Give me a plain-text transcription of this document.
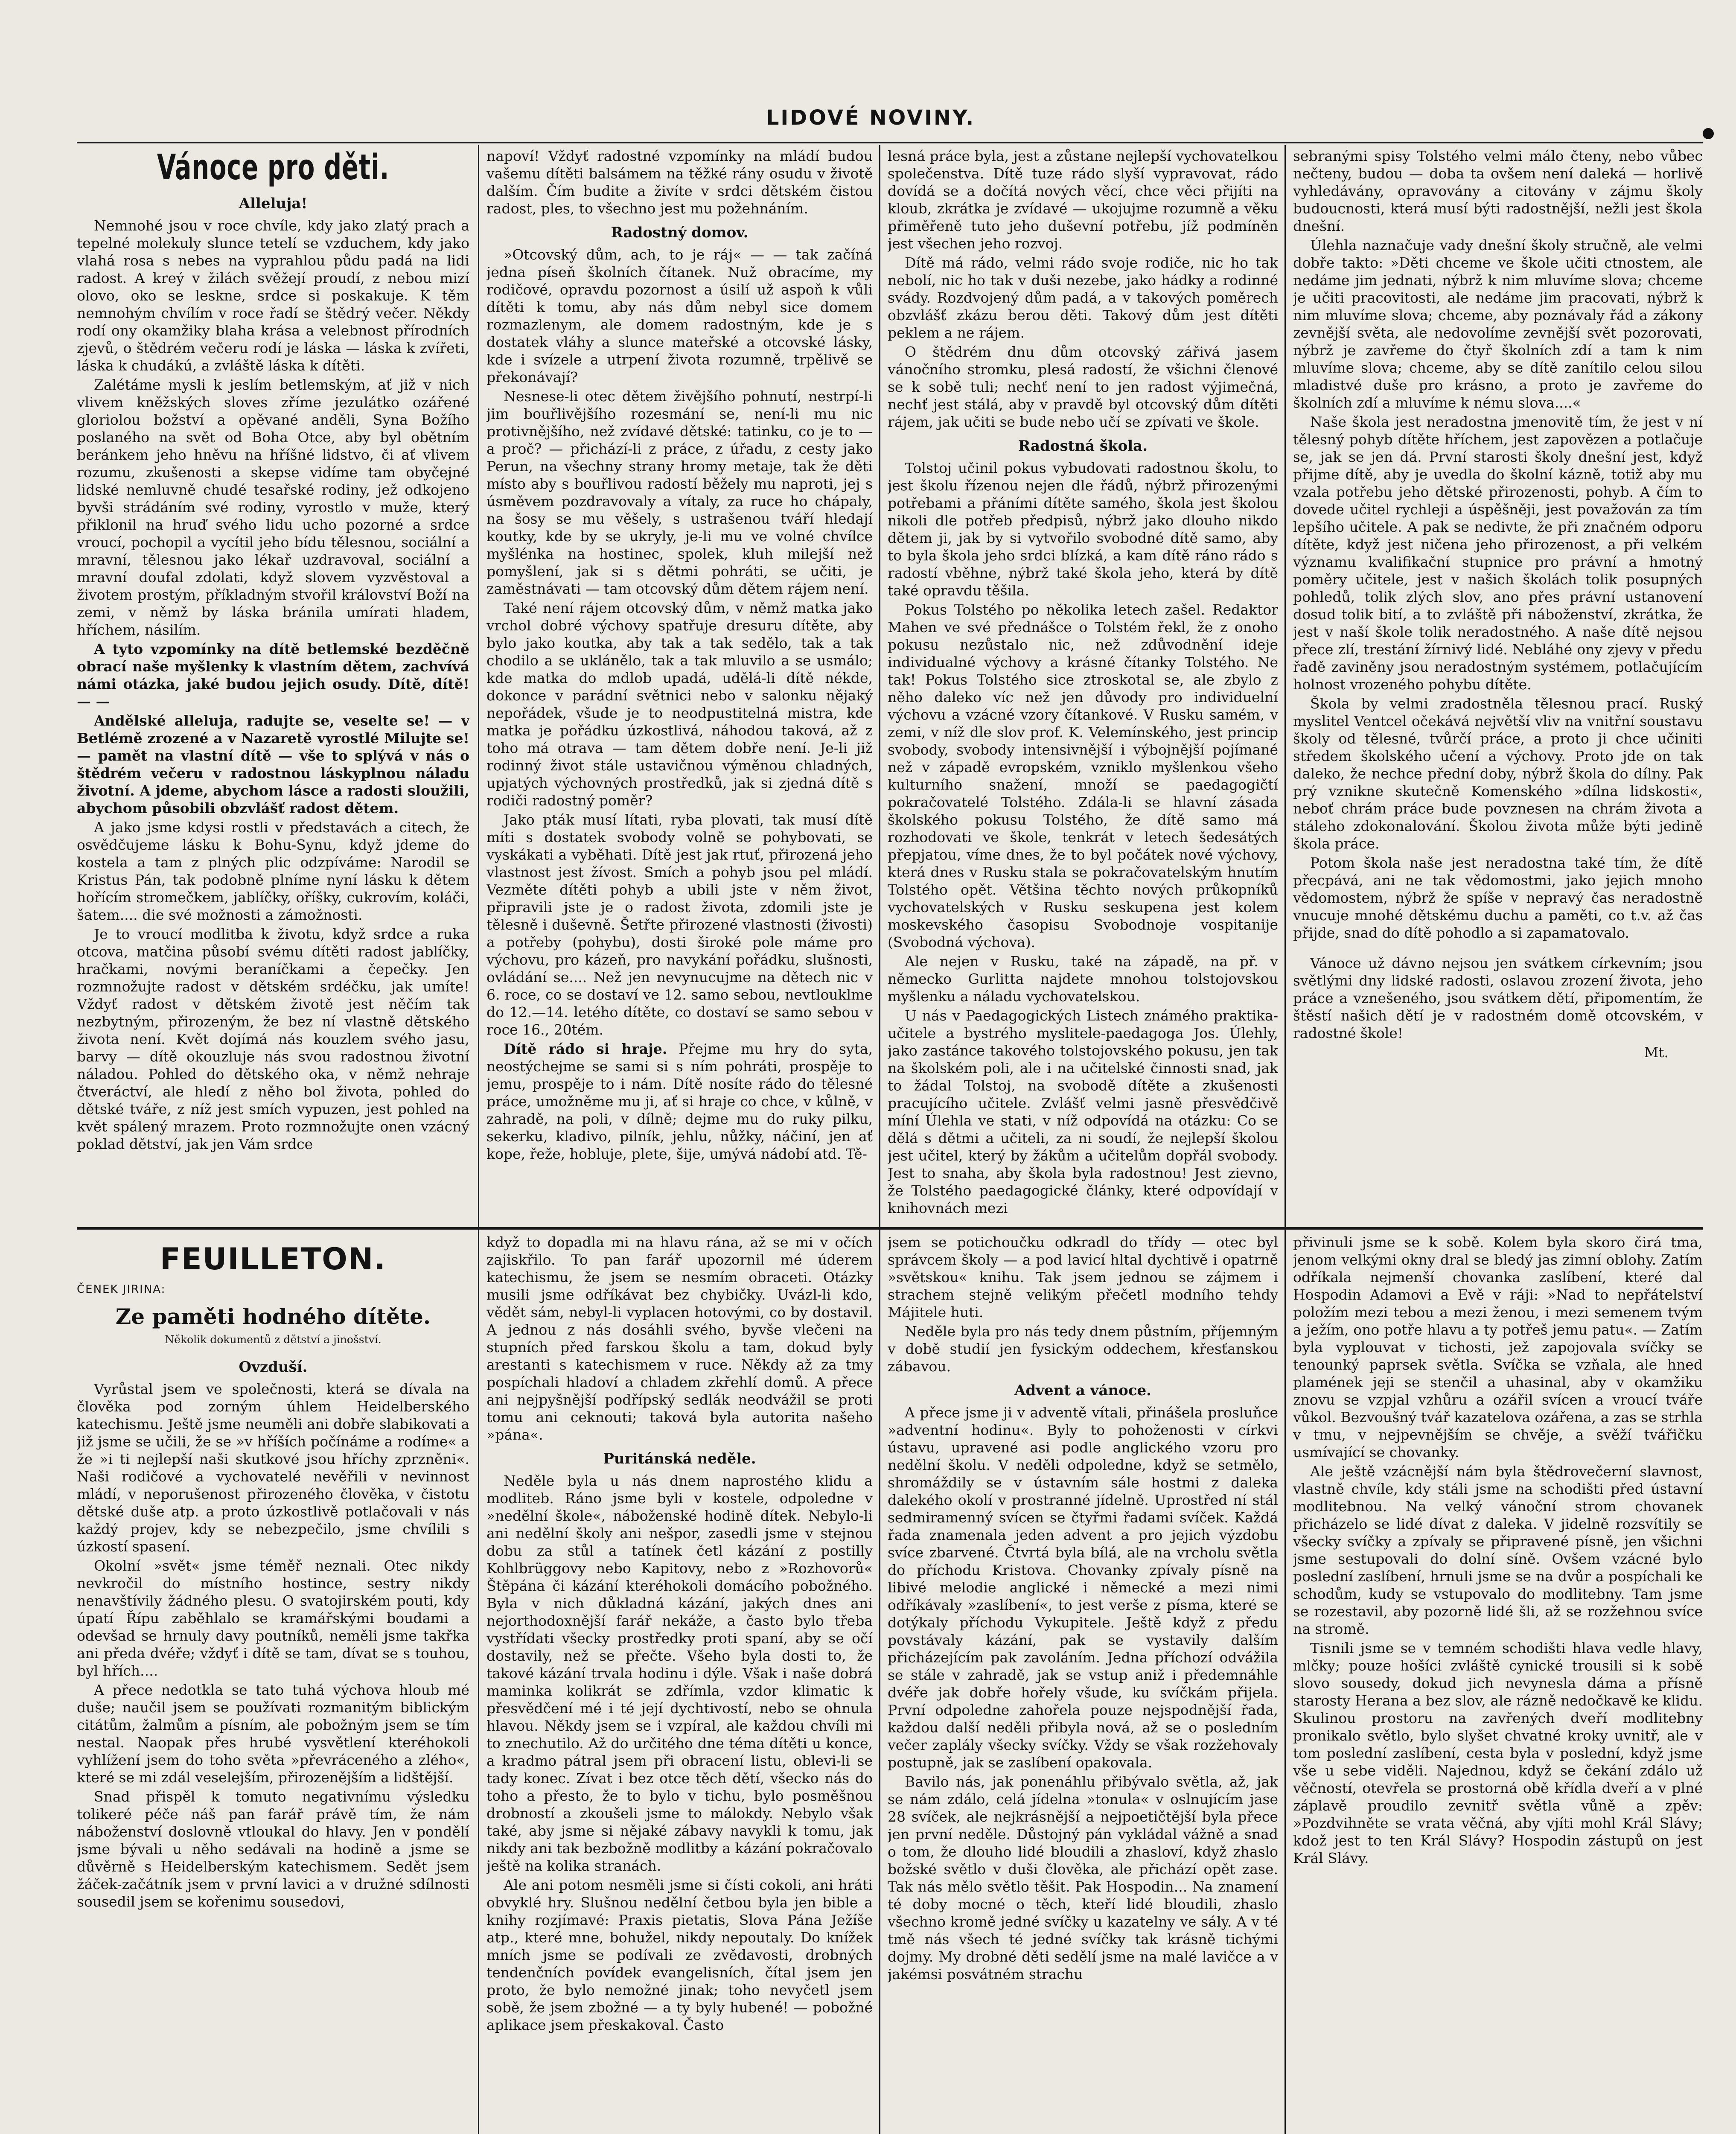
LIDOVÉ NOVINY.
Vánoce pro děti.
Alleluja!

Nemnohé jsou v roce chvíle, kdy jako zlatý prach a tepelné molekuly slunce tetelí se vzduchem, kdy jako vlahá rosa s nebes na vyprahlou půdu padá na lidi radost. A kreý v žilách svěžejí proudí, z nebou mizí olovo, oko se leskne, srdce si poskakuje. K těm nemnohým chvílím v roce řadí se štědrý večer. Někdy rodí ony okamžiky blaha krása a velebnost přírodních zjevů, o štědrém večeru rodí je láska — láska k zvířeti, láska k chudákú, a zvláště láska k dítěti.

Zalétáme mysli k jeslím betlemským, ať již v nich vlivem kněžských sloves zříme jezulátko ozářené gloriolou božství a opěvané anděli, Syna Božího poslaného na svět od Boha Otce, aby byl obětním beránkem jeho hněvu na hříšné lidstvo, či ať vlivem rozumu, zkušenosti a skepse vidíme tam obyčejné lidské nemluvně chudé tesařské rodiny, jež odkojeno byvši strádáním své rodiny, vyrostlo v muže, který přiklonil na hruď svého lidu ucho pozorné a srdce vroucí, pochopil a vycítil jeho bídu tělesnou, sociální a mravní, tělesnou jako lékař uzdravoval, sociální a mravní doufal zdolati, když slovem vyzvěstoval a životem prostým, příkladným stvořil království Boží na zemi, v němž by láska bránila umírati hladem, hříchem, násilím.

A tyto vzpomínky na dítě betlemské bezděčně obrací naše myšlenky k vlastním dětem, zachvívá námi otázka, jaké budou jejich osudy. Dítě, dítě! — —

Andělské alleluja, radujte se, veselte se! — v Betlémě zrozené a v Nazaretě vyrostlé Milujte se! — pamět na vlastní dítě — vše to splývá v nás o štědrém večeru v radostnou láskyplnou náladu životní. A jdeme, abychom lásce a radosti sloužili, abychom působili obzvlášť radost dětem.

A jako jsme kdysi rostli v představách a citech, že osvědčujeme lásku k Bohu-Synu, když jdeme do kostela a tam z plných plic odzpíváme: Narodil se Kristus Pán, tak podobně plníme nyní lásku k dětem hořícím stromečkem, jablíčky, oříšky, cukrovím, koláči, šatem.... die své možnosti a zámožnosti.

Je to vroucí modlitba k životu, když srdce a ruka otcova, matčina působí svému dítěti radost jablíčky, hračkami, novými beraníčkami a čepečky. Jen rozmnožujte radost v dětském srdéčku, jak umíte! Vždyť radost v dětském životě jest něčím tak nezbytným, přirozeným, že bez ní vlastně dětského života není. Květ dojímá nás kouzlem svého jasu, barvy — dítě okouzluje nás svou radostnou životní náladou. Pohled do dětského oka, v němž nehraje čtveráctví, ale hledí z něho bol života, pohled do dětské tváře, z níž jest smích vypuzen, jest pohled na květ spálený mrazem. Proto rozmnožujte onen vzácný poklad dětství, jak jen Vám srdce

napoví! Vždyť radostné vzpomínky na mládí budou vašemu dítěti balsámem na těžké rány osudu v životě dalším. Čím budite a živíte v srdci dětském čistou radost, ples, to všechno jest mu požehnáním.

Radostný domov.

»Otcovský dům, ach, to je ráj« — — tak začíná jedna píseň školních čítanek. Nuž obracíme, my rodičové, opravdu pozornost a úsilí už aspoň k vůli dítěti k tomu, aby nás dům nebyl sice domem rozmazlenym, ale domem radostným, kde je s dostatek vláhy a slunce mateřské a otcovské lásky, kde i svízele a utrpení života rozumně, trpělivě se překonávají?

Nesnese-li otec dětem živějšího pohnutí, nestrpí-li jim bouřlivějšího rozesmání se, není-li mu nic protivnějšího, než zvídavé dětské: tatinku, co je to — a proč? — přichází-li z práce, z úřadu, z cesty jako Perun, na všechny strany hromy metaje, tak že děti místo aby s bouřlivou radostí běžely mu naproti, jej s úsměvem pozdravovaly a vítaly, za ruce ho chápaly, na šosy se mu věšely, s ustrašenou tváří hledají koutky, kde by se ukryly, je-li mu ve volné chvílce myšlénka na hostinec, spolek, kluh milejší než pomyšlení, jak si s dětmi pohráti, se učiti, je zaměstnávati — tam otcovský dům dětem rájem není.

Také není rájem otcovský dům, v němž matka jako vrchol dobré výchovy spatřuje dresuru dítěte, aby bylo jako koutka, aby tak a tak sedělo, tak a tak chodilo a se uklánělo, tak a tak mluvilo a se usmálo; kde matka do mdlob upadá, udělá-li dítě nékde, dokonce v parádní světnici nebo v salonku nějaký nepořádek, všude je to neodpustitelná mistra, kde matka je pořádku úzkostlivá, náhodou taková, až z toho má otrava — tam dětem dobře není. Je-li již rodinný život stále ustavičnou výměnou chladných, upjatých výchovných prostředků, jak si zjedná dítě s rodiči radostný poměr?

Jako pták musí lítati, ryba plovati, tak musí dítě míti s dostatek svobody volně se pohybovati, se vyskákati a vyběhati. Dítě jest jak rtuť, přirozená jeho vlastnost jest žívost. Smích a pohyb jsou pel mládí. Vezměte dítěti pohyb a ubili jste v něm život, připravili jste je o radost života, zdomili jste je tělesně i duševně. Šetřte přirozené vlastnosti (živosti) a potřeby (pohybu), dosti široké pole máme pro výchovu, pro kázeň, pro navykání pořádku, slušnosti, ovládání se.... Než jen nevynucujme na dětech nic v 6. roce, co se dostaví ve 12. samo sebou, nevtlouklme do 12.—14. letého dítěte, co dostaví se samo sebou v roce 16., 20tém.

Dítě rádo si hraje. Přejme mu hry do syta, neostýchejme se sami si s ním pohráti, prospěje to jemu, prospěje to i nám. Dítě nosíte rádo do tělesné práce, umožněme mu ji, ať si hraje co chce, v kůlně, v zahradě, na poli, v dílně; dejme mu do ruky pilku, sekerku, kladivo, pilník, jehlu, nůžky, náčiní, jen ať kope, řeže, hobluje, plete, šije, umývá nádobí atd. Tě-

lesná práce byla, jest a zůstane nejlepší vychovatelkou společenstva. Dítě tuze rádo slyší vypravovat, rádo dovídá se a dočítá nových věcí, chce věci přijíti na kloub, zkrátka je zvídavé — ukojujme rozumně a věku přiměřeně tuto jeho duševní potřebu, jíž podmíněn jest všechen jeho rozvoj.

Dítě má rádo, velmi rádo svoje rodiče, nic ho tak nebolí, nic ho tak v duši nezebe, jako hádky a rodinné svády. Rozdvojený dům padá, a v takových poměrech obzvlášť zkázu berou děti. Takový dům jest dítěti peklem a ne rájem.

O štědrém dnu dům otcovský zářivá jasem vánočního stromku, plesá radostí, že všichni členové se k sobě tuli; nechť není to jen radost výjimečná, nechť jest stálá, aby v pravdě byl otcovský dům dítěti rájem, jak učiti se bude nebo učí se zpívati ve škole.

Radostná škola.

Tolstoj učinil pokus vybudovati radostnou školu, to jest školu řízenou nejen dle řádů, nýbrž přirozenými potřebami a přáními dítěte samého, škola jest školou nikoli dle potřeb předpisů, nýbrž jako dlouho nikdo dětem ji, jak by si vytvořilo svobodné dítě samo, aby to byla škola jeho srdci blízká, a kam dítě ráno rádo s radostí vběhne, nýbrž také škola jeho, která by dítě také opravdu těšila.

Pokus Tolstého po několika letech zašel. Redaktor Mahen ve své přednášce o Tolstém řekl, že z onoho pokusu nezůstalo nic, než zdůvodnění ideje individualné výchovy a krásné čítanky Tolstého. Ne tak! Pokus Tolstého sice ztroskotal se, ale zbylo z něho daleko víc než jen důvody pro individuelní výchovu a vzácné vzory čítankové. V Rusku samém, v zemi, v níž dle slov prof. K. Velemínského, jest princip svobody, svobody intensivnější i výbojnější pojímané než v západě evropském, vzniklo myšlenkou všeho kulturního snažení, množí se paedagogičtí pokračovatelé Tolstého. Zdála-li se hlavní zásada školského pokusu Tolstého, že dítě samo má rozhodovati ve škole, tenkrát v letech šedesátých přepjatou, víme dnes, že to byl počátek nové výchovy, která dnes v Rusku stala se pokračovatelským hnutím Tolstého opět. Většina těchto nových průkopníků vychovatelských v Rusku seskupena jest kolem moskevského časopisu Svobodnoje vospitanije (Svobodná výchova).

Ale nejen v Rusku, také na západě, na př. v německo Gurlitta najdete mnohou tolstojovskou myšlenku a náladu vychovatelskou.

U nás v Paedagogických Listech známého praktika-učitele a bystrého myslitele-paedagoga Jos. Úlehly, jako zastánce takového tolstojovského pokusu, jen tak na školském poli, ale i na učitelské činnosti snad, jak to žádal Tolstoj, na svobodě dítěte a zkušenosti pracujícího učitele. Zvlášť velmi jasně přesvědčivě míní Úlehla ve stati, v níž odpovídá na otázku: Co se dělá s dětmi a učiteli, za ni soudí, že nejlepší školou jest učitel, který by žákům a učitelům dopřál svobody. Jest to snaha, aby škola byla radostnou! Jest zievno, že Tolstého paedagogické články, které odpovídají v knihovnách mezi

sebranými spisy Tolstého velmi málo čteny, nebo vůbec nečteny, budou — doba ta ovšem není daleká — horlivě vyhledávány, opravovány a citovány v zájmu školy budoucnosti, která musí býti radostnější, nežli jest škola dnešní.

Úlehla naznačuje vady dnešní školy stručně, ale velmi dobře takto: »Děti chceme ve škole učiti ctnostem, ale nedáme jim jednati, nýbrž k nim mluvíme slova; chceme je učiti pracovitosti, ale nedáme jim pracovati, nýbrž k nim mluvíme slova; chceme, aby poznávaly řád a zákony zevnější světa, ale nedovolíme zevnější svět pozorovati, nýbrž je zavřeme do čtyř školních zdí a tam k nim mluvíme slova; chceme, aby se dítě zanítilo celou silou mladistvé duše pro krásno, a proto je zavřeme do školních zdí a mluvíme k nému slova....«

Naše škola jest neradostna jmenovitě tím, že jest v ní tělesný pohyb dítěte hříchem, jest zapovězen a potlačuje se, jak se jen dá. První starosti školy dnešní jest, když přijme dítě, aby je uvedla do školní kázně, totiž aby mu vzala potřebu jeho dětské přirozenosti, pohyb. A čím to dovede učitel rychleji a úspěšněji, jest považován za tím lepšího učitele. A pak se nedivte, že při značném odporu dítěte, když jest ničena jeho přirozenost, a při velkém významu kvalifikační stupnice pro právní a hmotný poměry učitele, jest v našich školách tolik posupných pohledů, tolik zlých slov, ano přes právní ustanovení dosud tolik bití, a to zvláště při náboženství, zkrátka, že jest v naší škole tolik neradostného. A naše dítě nejsou přece zlí, trestání žírnivý lidé. Nebláhé ony zjevy v předu řadě zaviněny jsou neradostným systémem, potlačujícím holnost vrozeného pohybu dítěte.

Škola by velmi zradostněla tělesnou prací. Ruský myslitel Ventcel očekává největší vliv na vnitřní soustavu školy od tělesné, tvůrčí práce, a proto ji chce učiniti středem školského učení a výchovy. Proto jde on tak daleko, že nechce přední doby, nýbrž škola do dílny. Pak prý vznikne skutečně Komenského »dílna lidskosti«, neboť chrám práce bude povznesen na chrám života a stáleho zdokonalování. Školou života může býti jedině škola práce.

Potom škola naše jest neradostna také tím, že dítě přecpává, ani ne tak vědomostmi, jako jejich mnoho vědomostem, nýbrž že spíše v nepravý čas neradostně vnucuje mnohé dětskému duchu a paměti, co t.v. až čas přijde, snad do dítě pohodlo a si zapamatovalo.

Vánoce už dávno nejsou jen svátkem církevním; jsou světlými dny lidské radosti, oslavou zrození života, jeho práce a vznešeného, jsou svátkem dětí, připomentím, že štěstí našich dětí je v radostném domě otcovském, v radostné škole!

Mt.

FEUILLETON.

ČENEK JIRINA:

Ze paměti hodného dítěte.
Několik dokumentů z dětství a jinošství.
Ovzduší.

Vyrůstal jsem ve společnosti, která se dívala na člověka pod zorným úhlem Heidelberského katechismu. Ještě jsme neuměli ani dobře slabikovati a již jsme se učili, že se »v hříších počínáme a rodíme« a že »i ti nejlepší naši skutkové jsou hříchy zprzněni«. Naši rodičové a vychovatelé nevěřili v nevinnost mládí, v neporušenost přirozeného člověka, v čistotu dětské duše atp. a proto úzkostlivě potlačovali v nás každý projev, kdy se nebezpečilo, jsme chvílili s úzkostí spasení.

Okolní »svět« jsme téměř neznali. Otec nikdy nevkročil do místního hostince, sestry nikdy nenavštívily žádného plesu. O svatojirském pouti, kdy úpatí Řípu zaběhlalo se kramářskými boudami a odevšad se hrnuly davy poutníků, neměli jsme takřka ani předa dvéře; vždyť i dítě se tam, dívat se s touhou, byl hřích....

A přece nedotkla se tato tuhá výchova hloub mé duše; naučil jsem se používati rozmanitým biblickým citátům, žalmům a písním, ale pobožným jsem se tím nestal. Naopak přes hrubé vysvětlení kteréhokoli vyhlížení jsem do toho světa »převráceného a zlého«, které se mi zdál veselejším, přirozenějším a lidštější.

Snad přispěl k tomuto negativnímu výsledku tolikeré péče náš pan farář právě tím, že nám náboženství doslovně vtloukal do hlavy. Jen v pondělí jsme bývali u něho sedávali na hodině a jsme se důvěrně s Heidelberským katechismem. Sedět jsem žáček-začátník jsem v první lavici a v družné sdílnosti sousedil jsem se kořenimu sousedovi,

když to dopadla mi na hlavu rána, až se mi v očích zajiskřilo. To pan farář upozornil mé úderem katechismu, že jsem se nesmím obraceti. Otázky musili jsme odříkávat bez chybičky. Uvázl-li kdo, vědět sám, nebyl-li vyplacen hotovými, co by dostavil. A jednou z nás dosáhli svého, byvše vlečeni na stupních před farskou školu a tam, dokud byly arestanti s katechismem v ruce. Někdy až za tmy pospíchali hladoví a chladem zkřehlí domů. A přece ani nejpyšnější podřípský sedlák neodvážil se proti tomu ani ceknouti; taková byla autorita našeho »pána«.

Puritánská neděle.

Neděle byla u nás dnem naprostého klidu a modliteb. Ráno jsme byli v kostele, odpoledne v »nedělní škole«, náboženské hodině dítek. Nebylo-li ani nedělní školy ani nešpor, zasedli jsme v stejnou dobu za stůl a tatínek četl kázání z postilly Kohlbrüggovy nebo Kapitovy, nebo z »Rozhovorů« Štěpána či kázání kteréhokoli domácího pobožného. Byla v nich důkladná kázání, jakých dnes ani nejorthodoxnější farář nekáže, a často bylo třeba vystřídati všecky prostředky proti spaní, aby se očí dostavily, než se přečte. Všeho byla dosti to, že takové kázání trvala hodinu i dýle. Však i naše dobrá maminka kolikrát se zdřímla, vzdor klimatic k přesvědčení mé i té její dychtivostí, nebo se ohnula hlavou. Někdy jsem se i vzpíral, ale každou chvíli mi to znechutilo. Až do určitého dne téma dítěti u konce, a kradmo pátral jsem při obracení listu, oblevi-li se tady konec. Zívat i bez otce těch dětí, všecko nás do toho a přesto, že to bylo v tichu, bylo posměšnou drobností a zkoušeli jsme to málokdy. Nebylo však také, aby jsme si nějaké zábavy navykli k tomu, jak nikdy ani tak bezbožně modlitby a kázání pokračovalo ještě na kolika stranách.

Ale ani potom nesměli jsme si čísti cokoli, ani hráti obvyklé hry. Slušnou nedělní četbou byla jen bible a knihy rozjímavé: Praxis pietatis, Slova Pána Ježíše atp., které mne, bohužel, nikdy nepoutaly. Do knížek mních jsme se podívali ze zvědavosti, drobných tendenčních povídek evangelisních, čítal jsem jen proto, že bylo nemožné jinak; toho nevyčetl jsem sobě, že jsem zbožné — a ty byly hubené! — pobožné aplikace jsem přeskakoval. Často

jsem se potichoučku odkradl do třídy — otec byl správcem školy — a pod lavicí hltal dychtivě i opatrně »světskou« knihu. Tak jsem jednou se zájmem i strachem stejně velikým přečetl modního tehdy Májitele huti.

Neděle byla pro nás tedy dnem půstním, příjemným v době studií jen fysickým oddechem, křesťanskou zábavou.

Advent a vánoce.

A přece jsme ji v adventě vítali, přinášela prosluňce »adventní hodinu«. Byly to pohoženosti v církvi ústavu, upravené asi podle anglického vzoru pro nedělní školu. V neděli odpoledne, když se setmělo, shromáždily se v ústavním sále hostmi z daleka dalekého okolí v prostranné jídelně. Uprostřed ní stál sedmiramenný svícen se čtyřmi řadami svíček. Každá řada znamenala jeden advent a pro jejich výzdobu svíce zbarvené. Čtvrtá byla bílá, ale na vrcholu světla do příchodu Kristova. Chovanky zpívaly písně na libivé melodie anglické i německé a mezi nimi odříkávaly »zaslíbení«, to jest verše z písma, které se dotýkaly příchodu Vykupitele. Ještě když z předu povstávaly kázání, pak se vystavily dalším přicházejícím pak zavoláním. Jedna příchozí odvážila se stále v zahradě, jak se vstup aniž i předemnáhle dvéře jak dobře hořely všude, ku svíčkám přijela. První odpoledne zahořela pouze nejspodnější řada, každou další neděli přibyla nová, až se o posledním večer zaplály všecky svíčky. Vždy se však rozžehovaly postupně, jak se zaslíbení opakovala.

Bavilo nás, jak ponenáhlu přibývalo světla, až, jak se nám zdálo, celá jídelna »tonula« v oslnujícím jase 28 svíček, ale nejkrásnější a nejpoetičtější byla přece jen první neděle. Důstojný pán vykládal vážně a snad o tom, že dlouho lidé bloudili a zhasloví, když zhaslo božské světlo v duši člověka, ale přichází opět zase. Tak nás mělo světlo těšit. Pak Hospodin... Na znamení té doby mocné o těch, kteří lidé bloudili, zhaslo všechno kromě jedné svíčky u kazatelny ve sály. A v té tmě nás všech té jedné svíčky tak krásně tichými dojmy. My drobné děti sedělí jsme na malé lavičce a v jakémsi posvátném strachu

přivinuli jsme se k sobě. Kolem byla skoro čirá tma, jenom velkými okny dral se bledý jas zimní oblohy. Zatím odříkala nejmenší chovanka zaslíbení, které dal Hospodin Adamovi a Evě v ráji: »Nad to nepřátelství položím mezi tebou a mezi ženou, i mezi semenem tvým a ježím, ono potře hlavu a ty potřeš jemu patu«. — Zatím byla vyplouvat v tichosti, jež zapojovala svíčky se tenounký paprsek světla. Svíčka se vzňala, ale hned plamének jeji se stenčil a uhasinal, aby v okamžiku znovu se vzpjal vzhůru a ozářil svícen a vroucí tváře vůkol. Bezvoušný tvář kazatelova ozářena, a zas se strhla v tmu, v nejpevnějším se chvěje, a svěží tvářičku usmívající se chovanky.

Ale ještě vzácnější nám byla štědrovečerní slavnost, vlastně chvíle, kdy stáli jsme na schodišti před ústavní modlitebnou. Na velký vánoční strom chovanek přicházelo se lidé dívat z daleka. V jidelně rozsvítily se všecky svíčky a zpívaly se připravené písně, jen všichni jsme sestupovali do dolní síně. Ovšem vzácné bylo poslední zaslíbení, hrnuli jsme se na dvůr a pospíchali ke schodům, kudy se vstupovalo do modlitebny. Tam jsme se rozestavil, aby pozorně lidé šli, až se rozžehnou svíce na stromě.

Tisnili jsme se v temném schodišti hlava vedle hlavy, mlčky; pouze hošíci zvláště cynické trousili si k sobě slovo sousedy, dokud jich nevynesla dáma a přísně starosty Herana a bez slov, ale rázně nedočkavě ke klidu. Skulinou prostoru na zavřených dveří modlitebny pronikalo světlo, bylo slyšet chvatné kroky uvnitř, ale v tom poslední zaslíbení, cesta byla v poslední, když jsme vše u sebe viděli. Najednou, když se čekání zdálo už věčností, otevřela se prostorná obě křídla dveří a v plné záplavě proudilo zevnitř světla vůně a zpěv: »Pozdvihněte se vrata věčná, aby vjíti mohl Král Slávy; kdož jest to ten Král Slávy? Hospodin zástupů on jest Král Slávy.
